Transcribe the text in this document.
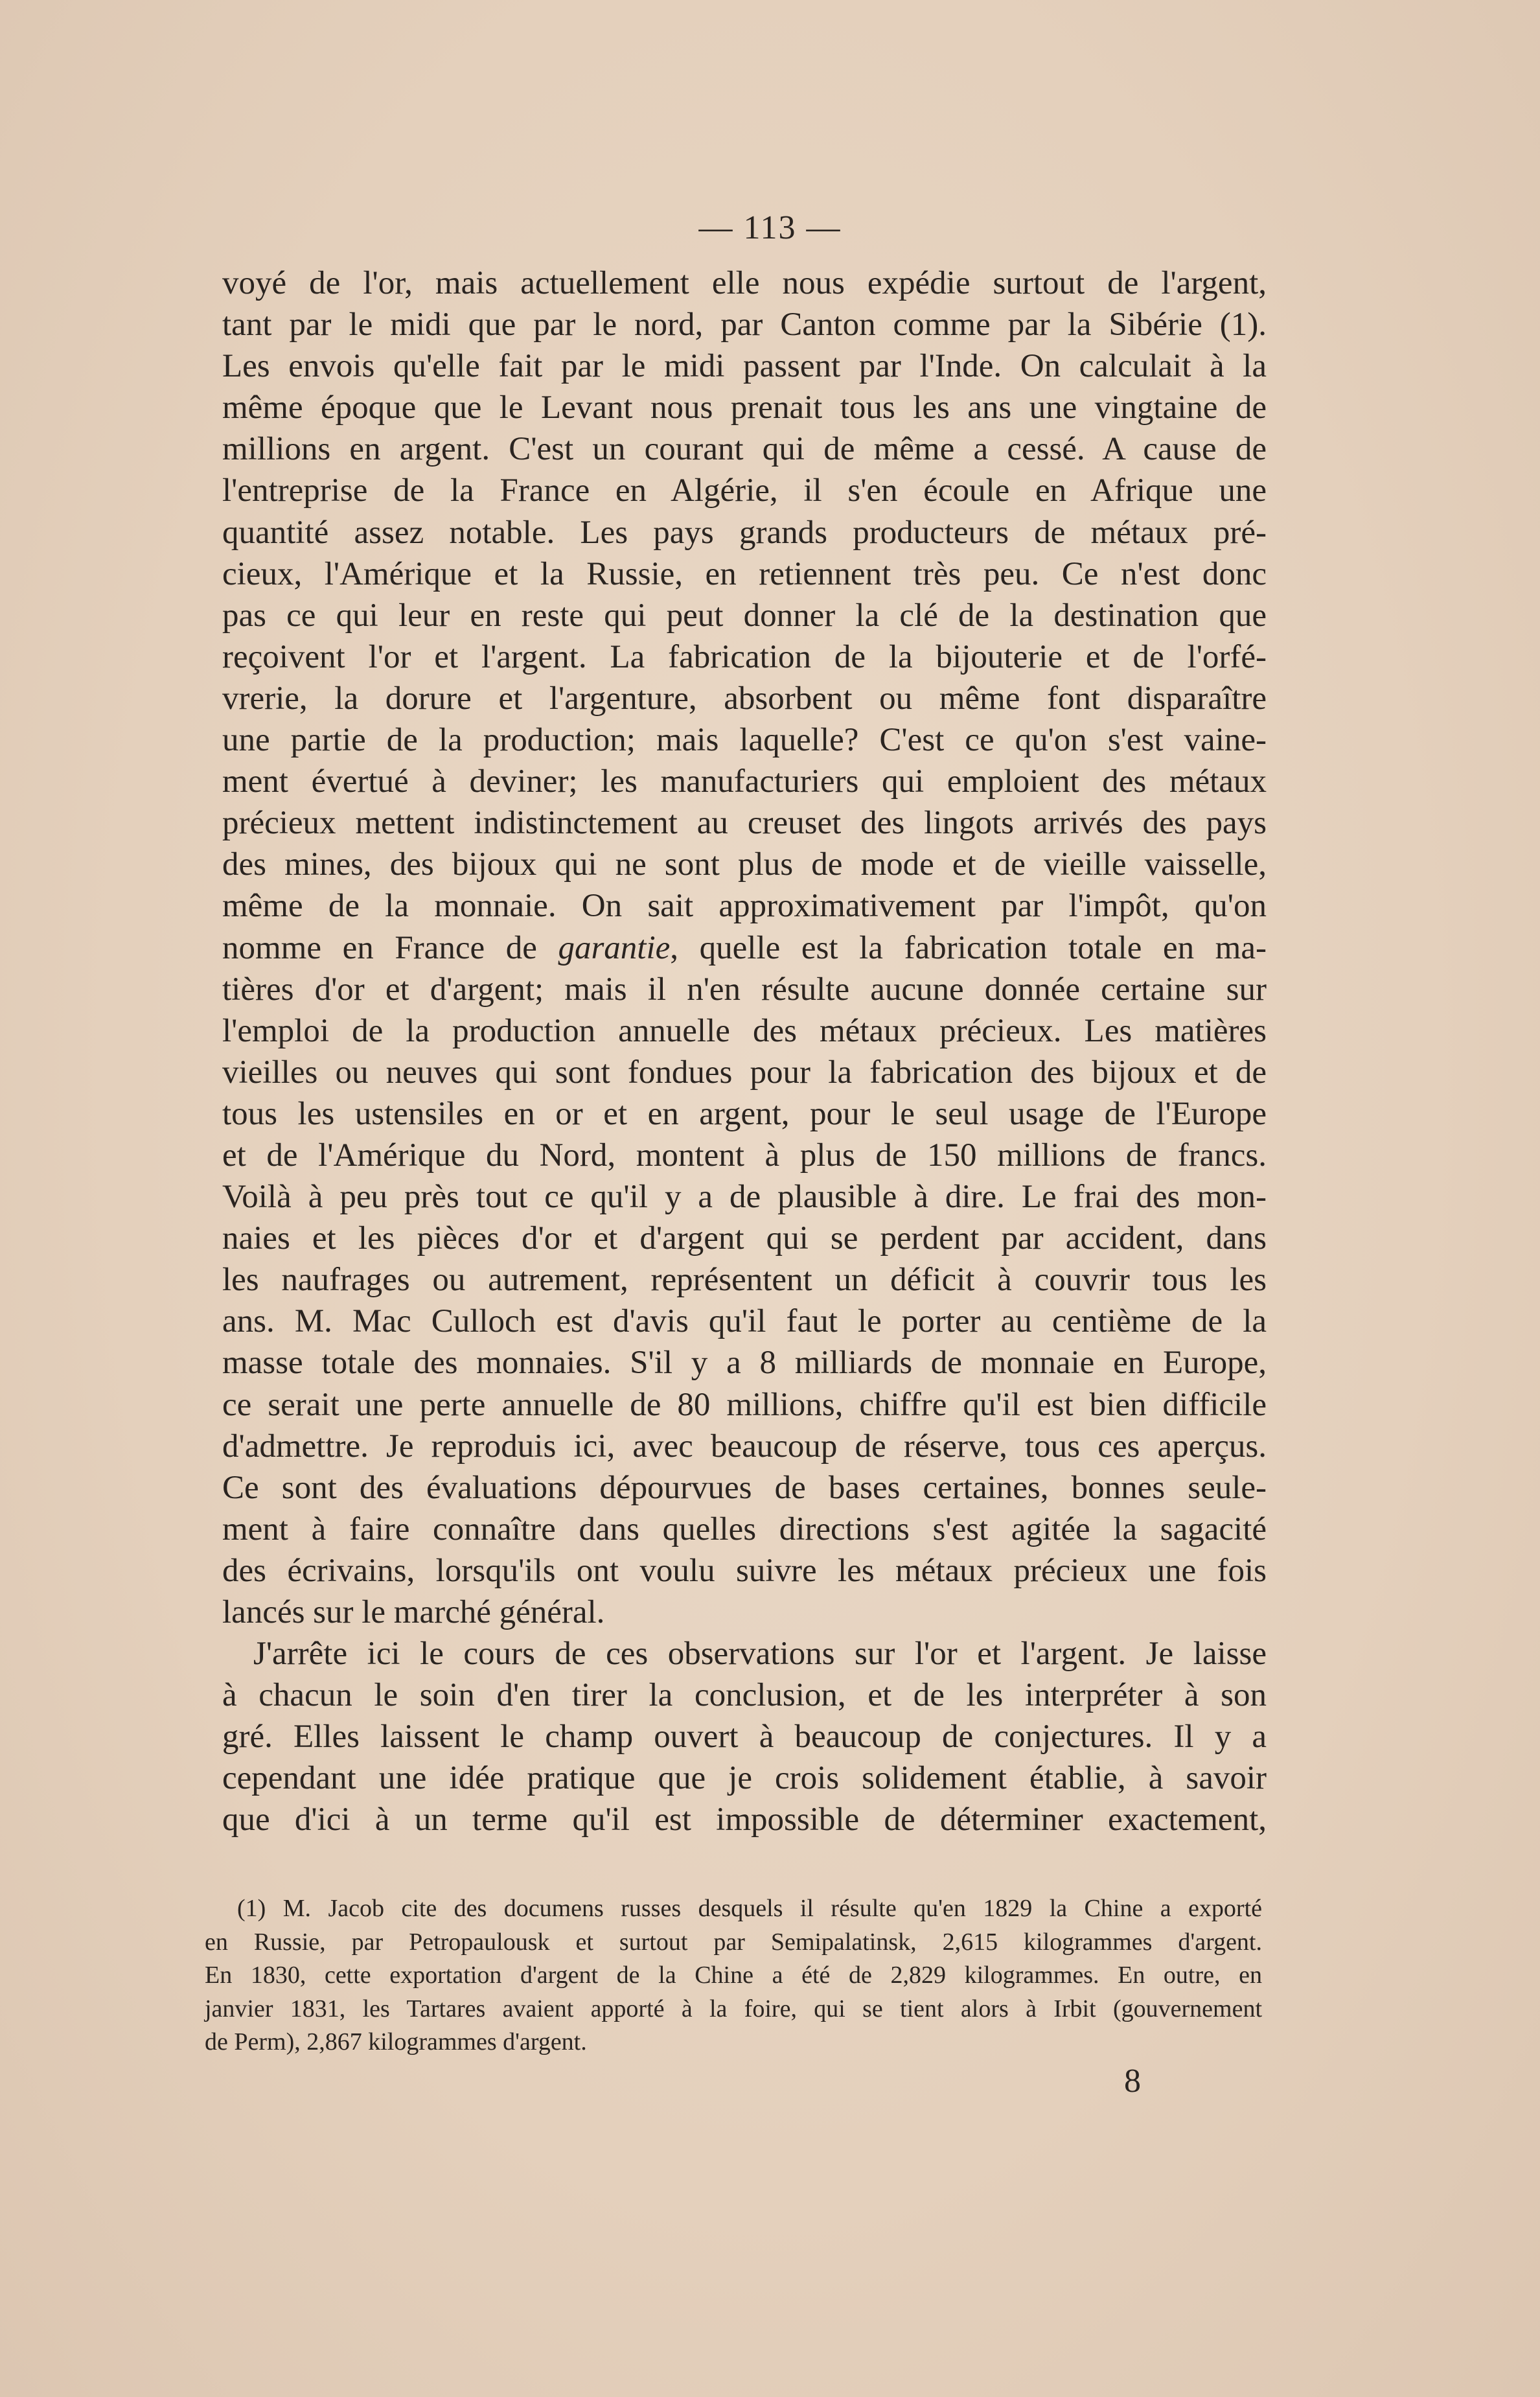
— 113 —
voyé de l'or, mais actuellement elle nous expédie surtout de l'argent,
tant par le midi que par le nord, par Canton comme par la Sibérie (1).
Les envois qu'elle fait par le midi passent par l'Inde. On calculait à la
même époque que le Levant nous prenait tous les ans une vingtaine de
millions en argent. C'est un courant qui de même a cessé. A cause de
l'entreprise de la France en Algérie, il s'en écoule en Afrique une
quantité assez notable. Les pays grands producteurs de métaux pré-
cieux, l'Amérique et la Russie, en retiennent très peu. Ce n'est donc
pas ce qui leur en reste qui peut donner la clé de la destination que
reçoivent l'or et l'argent. La fabrication de la bijouterie et de l'orfé-
vrerie, la dorure et l'argenture, absorbent ou même font disparaître
une partie de la production; mais laquelle? C'est ce qu'on s'est vaine-
ment évertué à deviner; les manufacturiers qui emploient des métaux
précieux mettent indistinctement au creuset des lingots arrivés des pays
des mines, des bijoux qui ne sont plus de mode et de vieille vaisselle,
même de la monnaie. On sait approximativement par l'impôt, qu'on
nomme en France de garantie, quelle est la fabrication totale en ma-
tières d'or et d'argent; mais il n'en résulte aucune donnée certaine sur
l'emploi de la production annuelle des métaux précieux. Les matières
vieilles ou neuves qui sont fondues pour la fabrication des bijoux et de
tous les ustensiles en or et en argent, pour le seul usage de l'Europe
et de l'Amérique du Nord, montent à plus de 150 millions de francs.
Voilà à peu près tout ce qu'il y a de plausible à dire. Le frai des mon-
naies et les pièces d'or et d'argent qui se perdent par accident, dans
les naufrages ou autrement, représentent un déficit à couvrir tous les
ans. M. Mac Culloch est d'avis qu'il faut le porter au centième de la
masse totale des monnaies. S'il y a 8 milliards de monnaie en Europe,
ce serait une perte annuelle de 80 millions, chiffre qu'il est bien difficile
d'admettre. Je reproduis ici, avec beaucoup de réserve, tous ces aperçus.
Ce sont des évaluations dépourvues de bases certaines, bonnes seule-
ment à faire connaître dans quelles directions s'est agitée la sagacité
des écrivains, lorsqu'ils ont voulu suivre les métaux précieux une fois
lancés sur le marché général.
J'arrête ici le cours de ces observations sur l'or et l'argent. Je laisse
à chacun le soin d'en tirer la conclusion, et de les interpréter à son
gré. Elles laissent le champ ouvert à beaucoup de conjectures. Il y a
cependant une idée pratique que je crois solidement établie, à savoir
que d'ici à un terme qu'il est impossible de déterminer exactement,
(1) M. Jacob cite des documens russes desquels il résulte qu'en 1829 la Chine a exporté
en Russie, par Petropaulousk et surtout par Semipalatinsk, 2,615 kilogrammes d'argent.
En 1830, cette exportation d'argent de la Chine a été de 2,829 kilogrammes. En outre, en
janvier 1831, les Tartares avaient apporté à la foire, qui se tient alors à Irbit (gouvernement
de Perm), 2,867 kilogrammes d'argent.
8
